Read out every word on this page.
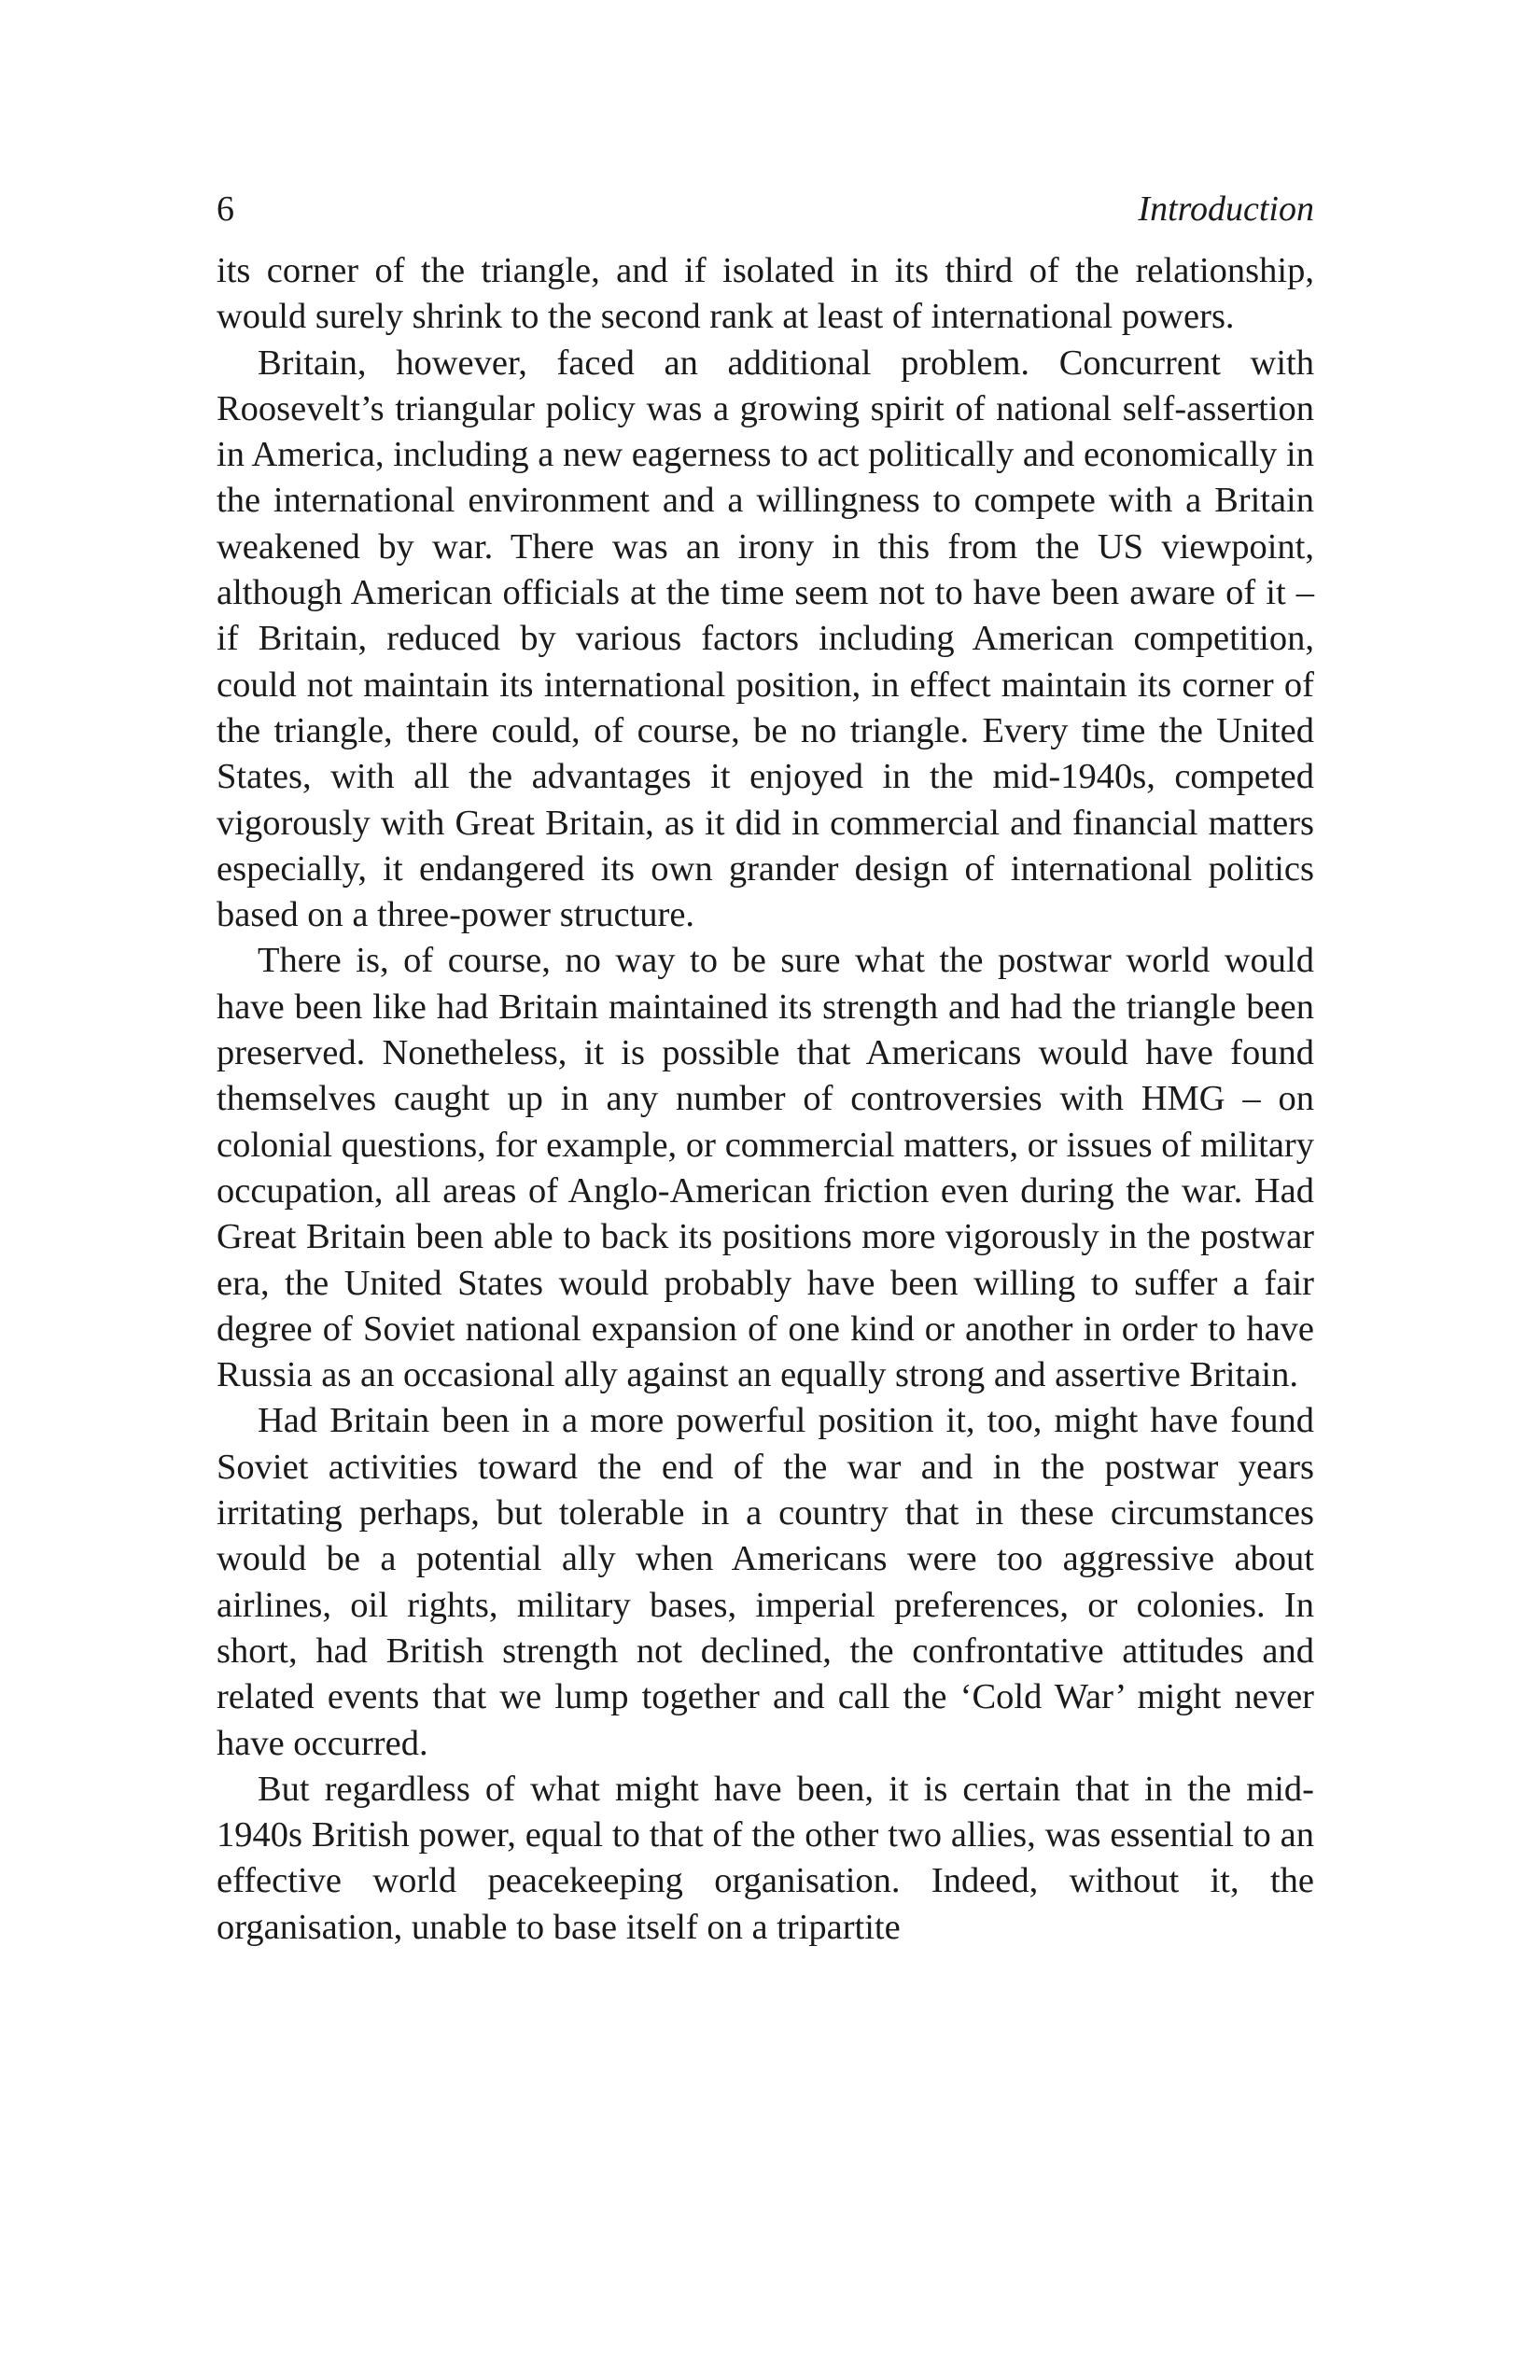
6	Introduction

its corner of the triangle, and if isolated in its third of the relationship, would surely shrink to the second rank at least of international powers.

Britain, however, faced an additional problem. Concurrent with Roosevelt’s triangular policy was a growing spirit of national self-assertion in America, including a new eagerness to act politically and economically in the international environment and a willingness to compete with a Britain weakened by war. There was an irony in this from the US viewpoint, although American officials at the time seem not to have been aware of it – if Britain, reduced by various factors including American competition, could not maintain its international position, in effect maintain its corner of the triangle, there could, of course, be no triangle. Every time the United States, with all the advantages it enjoyed in the mid-1940s, competed vigorously with Great Britain, as it did in commercial and financial matters especially, it endangered its own grander design of international politics based on a three-power structure.

There is, of course, no way to be sure what the postwar world would have been like had Britain maintained its strength and had the triangle been preserved. Nonetheless, it is possible that Americans would have found themselves caught up in any number of controversies with HMG – on colonial questions, for example, or commercial matters, or issues of military occupation, all areas of Anglo-American friction even during the war. Had Great Britain been able to back its positions more vigorously in the postwar era, the United States would probably have been willing to suffer a fair degree of Soviet national expansion of one kind or another in order to have Russia as an occasional ally against an equally strong and assertive Britain.

Had Britain been in a more powerful position it, too, might have found Soviet activities toward the end of the war and in the postwar years irritating perhaps, but tolerable in a country that in these circumstances would be a potential ally when Americans were too aggressive about airlines, oil rights, military bases, imperial preferences, or colonies. In short, had British strength not declined, the confrontative attitudes and related events that we lump together and call the ‘Cold War’ might never have occurred.

But regardless of what might have been, it is certain that in the mid-1940s British power, equal to that of the other two allies, was essential to an effective world peacekeeping organisation. Indeed, without it, the organisation, unable to base itself on a tripartite
